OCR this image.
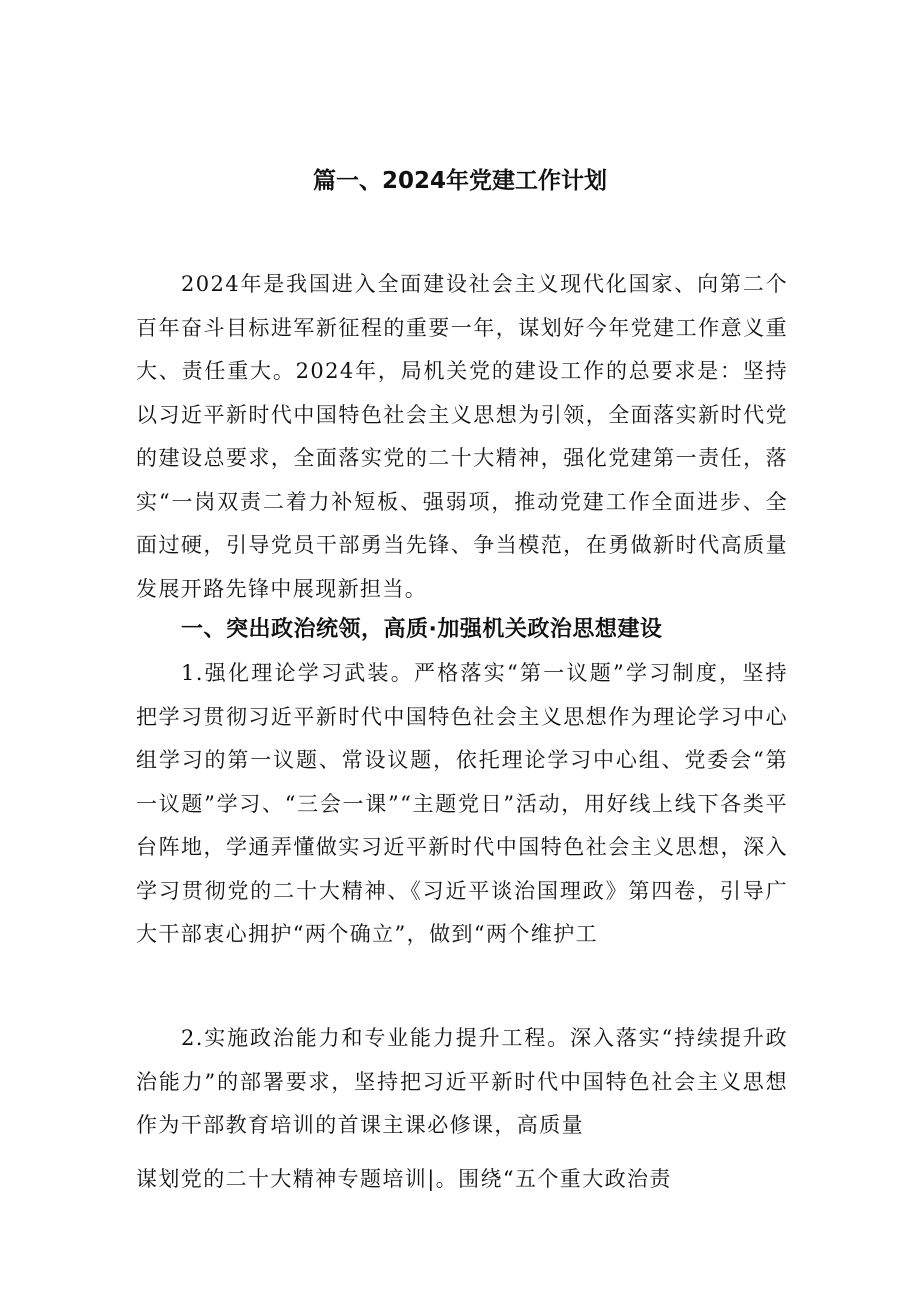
篇一、2024年党建工作计划

2024年是我国进入全面建设社会主义现代化国家、向第二个百年奋斗目标进军新征程的重要一年，谋划好今年党建工作意义重大、责任重大。2024年，局机关党的建设工作的总要求是：坚持以习近平新时代中国特色社会主义思想为引领，全面落实新时代党的建设总要求，全面落实党的二十大精神，强化党建第一责任，落实“一岗双责二着力补短板、强弱项，推动党建工作全面进步、全面过硬，引导党员干部勇当先锋、争当模范，在勇做新时代高质量发展开路先锋中展现新担当。

一、突出政治统领，高质·加强机关政治思想建设

1.强化理论学习武装。严格落实“第一议题”学习制度，坚持把学习贯彻习近平新时代中国特色社会主义思想作为理论学习中心组学习的第一议题、常设议题，依托理论学习中心组、党委会“第一议题”学习、“三会一课”“主题党日”活动，用好线上线下各类平台阵地，学通弄懂做实习近平新时代中国特色社会主义思想，深入学习贯彻党的二十大精神、《习近平谈治国理政》第四卷，引导广大干部衷心拥护“两个确立”，做到“两个维护工

2.实施政治能力和专业能力提升工程。深入落实“持续提升政治能力”的部署要求，坚持把习近平新时代中国特色社会主义思想作为干部教育培训的首课主课必修课，高质量

谋划党的二十大精神专题培训|。围绕“五个重大政治责
